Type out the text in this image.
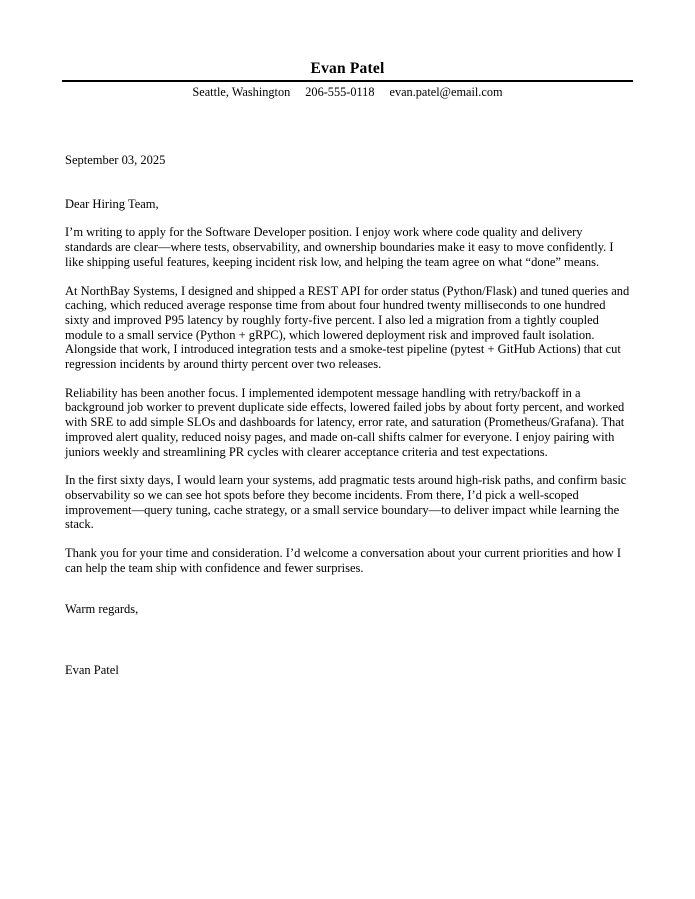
Evan Patel
Seattle, Washington 206-555-0118 evan.patel@email.com
September 03, 2025
Dear Hiring Team,

I’m writing to apply for the Software Developer position. I enjoy work where code quality and delivery standards are clear—where tests, observability, and ownership boundaries make it easy to move confidently. I like shipping useful features, keeping incident risk low, and helping the team agree on what “done” means.

At NorthBay Systems, I designed and shipped a REST API for order status (Python/Flask) and tuned queries and caching, which reduced average response time from about four hundred twenty milliseconds to one hundred sixty and improved P95 latency by roughly forty-five percent. I also led a migration from a tightly coupled module to a small service (Python + gRPC), which lowered deployment risk and improved fault isolation. Alongside that work, I introduced integration tests and a smoke-test pipeline (pytest + GitHub Actions) that cut regression incidents by around thirty percent over two releases.

Reliability has been another focus. I implemented idempotent message handling with retry/backoff in a background job worker to prevent duplicate side effects, lowered failed jobs by about forty percent, and worked with SRE to add simple SLOs and dashboards for latency, error rate, and saturation (Prometheus/Grafana). That improved alert quality, reduced noisy pages, and made on-call shifts calmer for everyone. I enjoy pairing with juniors weekly and streamlining PR cycles with clearer acceptance criteria and test expectations.

In the first sixty days, I would learn your systems, add pragmatic tests around high-risk paths, and confirm basic observability so we can see hot spots before they become incidents. From there, I’d pick a well-scoped improvement—query tuning, cache strategy, or a small service boundary—to deliver impact while learning the stack.

Thank you for your time and consideration. I’d welcome a conversation about your current priorities and how I can help the team ship with confidence and fewer surprises.

Warm regards,
Evan Patel
